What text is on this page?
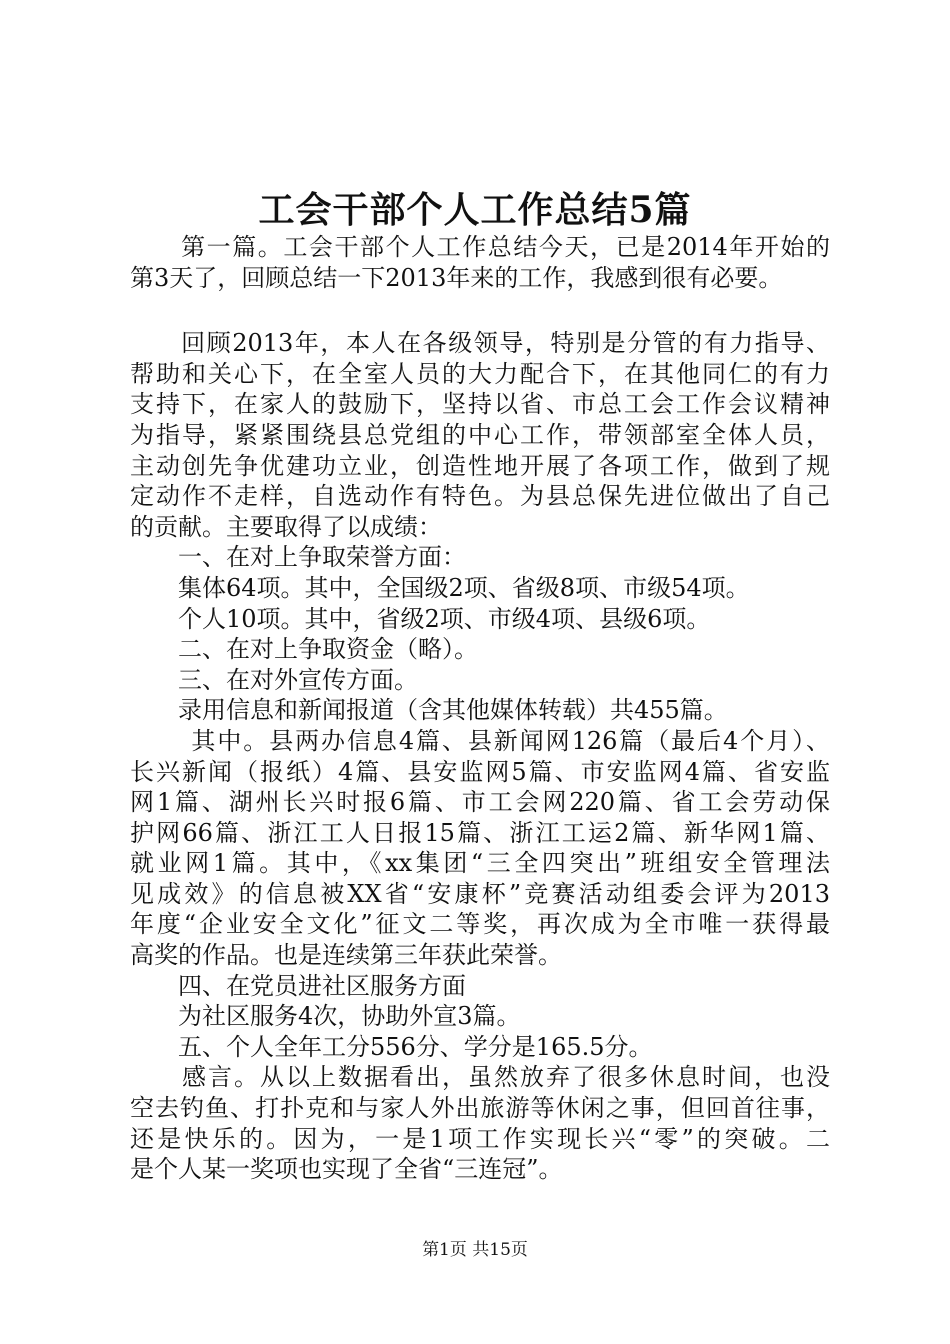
工会干部个人工作总结5篇
　　第一篇。工会干部个人工作总结今天，已是2014年开始的
第3天了，回顾总结一下2013年来的工作，我感到很有必要。
　　回顾2013年，本人在各级领导，特别是分管的有力指导、
帮助和关心下，在全室人员的大力配合下，在其他同仁的有力
支持下，在家人的鼓励下，坚持以省、市总工会工作会议精神
为指导，紧紧围绕县总党组的中心工作，带领部室全体人员，
主动创先争优建功立业，创造性地开展了各项工作，做到了规
定动作不走样，自选动作有特色。为县总保先进位做出了自己
的贡献。主要取得了以成绩：
　　一、在对上争取荣誉方面：
　　集体64项。其中，全国级2项、省级8项、市级54项。
　　个人10项。其中，省级2项、市级4项、县级6项。
　　二、在对上争取资金（略）。
　　三、在对外宣传方面。
　　录用信息和新闻报道（含其他媒体转载）共455篇。
　　 其中。县两办信息4篇、县新闻网126篇（最后4个月）、
长兴新闻（报纸）4篇、县安监网5篇、市安监网4篇、省安监
网1篇、湖州长兴时报6篇、市工会网220篇、省工会劳动保
护网66篇、浙江工人日报15篇、浙江工运2篇、新华网1篇、
就业网1篇。其中，《xx集团“三全四突出”班组安全管理法
见成效》的信息被XX省“安康杯”竞赛活动组委会评为2013
年度“企业安全文化”征文二等奖，再次成为全市唯一获得最
高奖的作品。也是连续第三年获此荣誉。
　　四、在党员进社区服务方面
　　为社区服务4次，协助外宣3篇。
　　五、个人全年工分556分、学分是165.5分。
　　感言。从以上数据看出，虽然放弃了很多休息时间，也没
空去钓鱼、打扑克和与家人外出旅游等休闲之事，但回首往事，
还是快乐的。因为，一是1项工作实现长兴“零”的突破。二
是个人某一奖项也实现了全省“三连冠”。
第1页 共15页
